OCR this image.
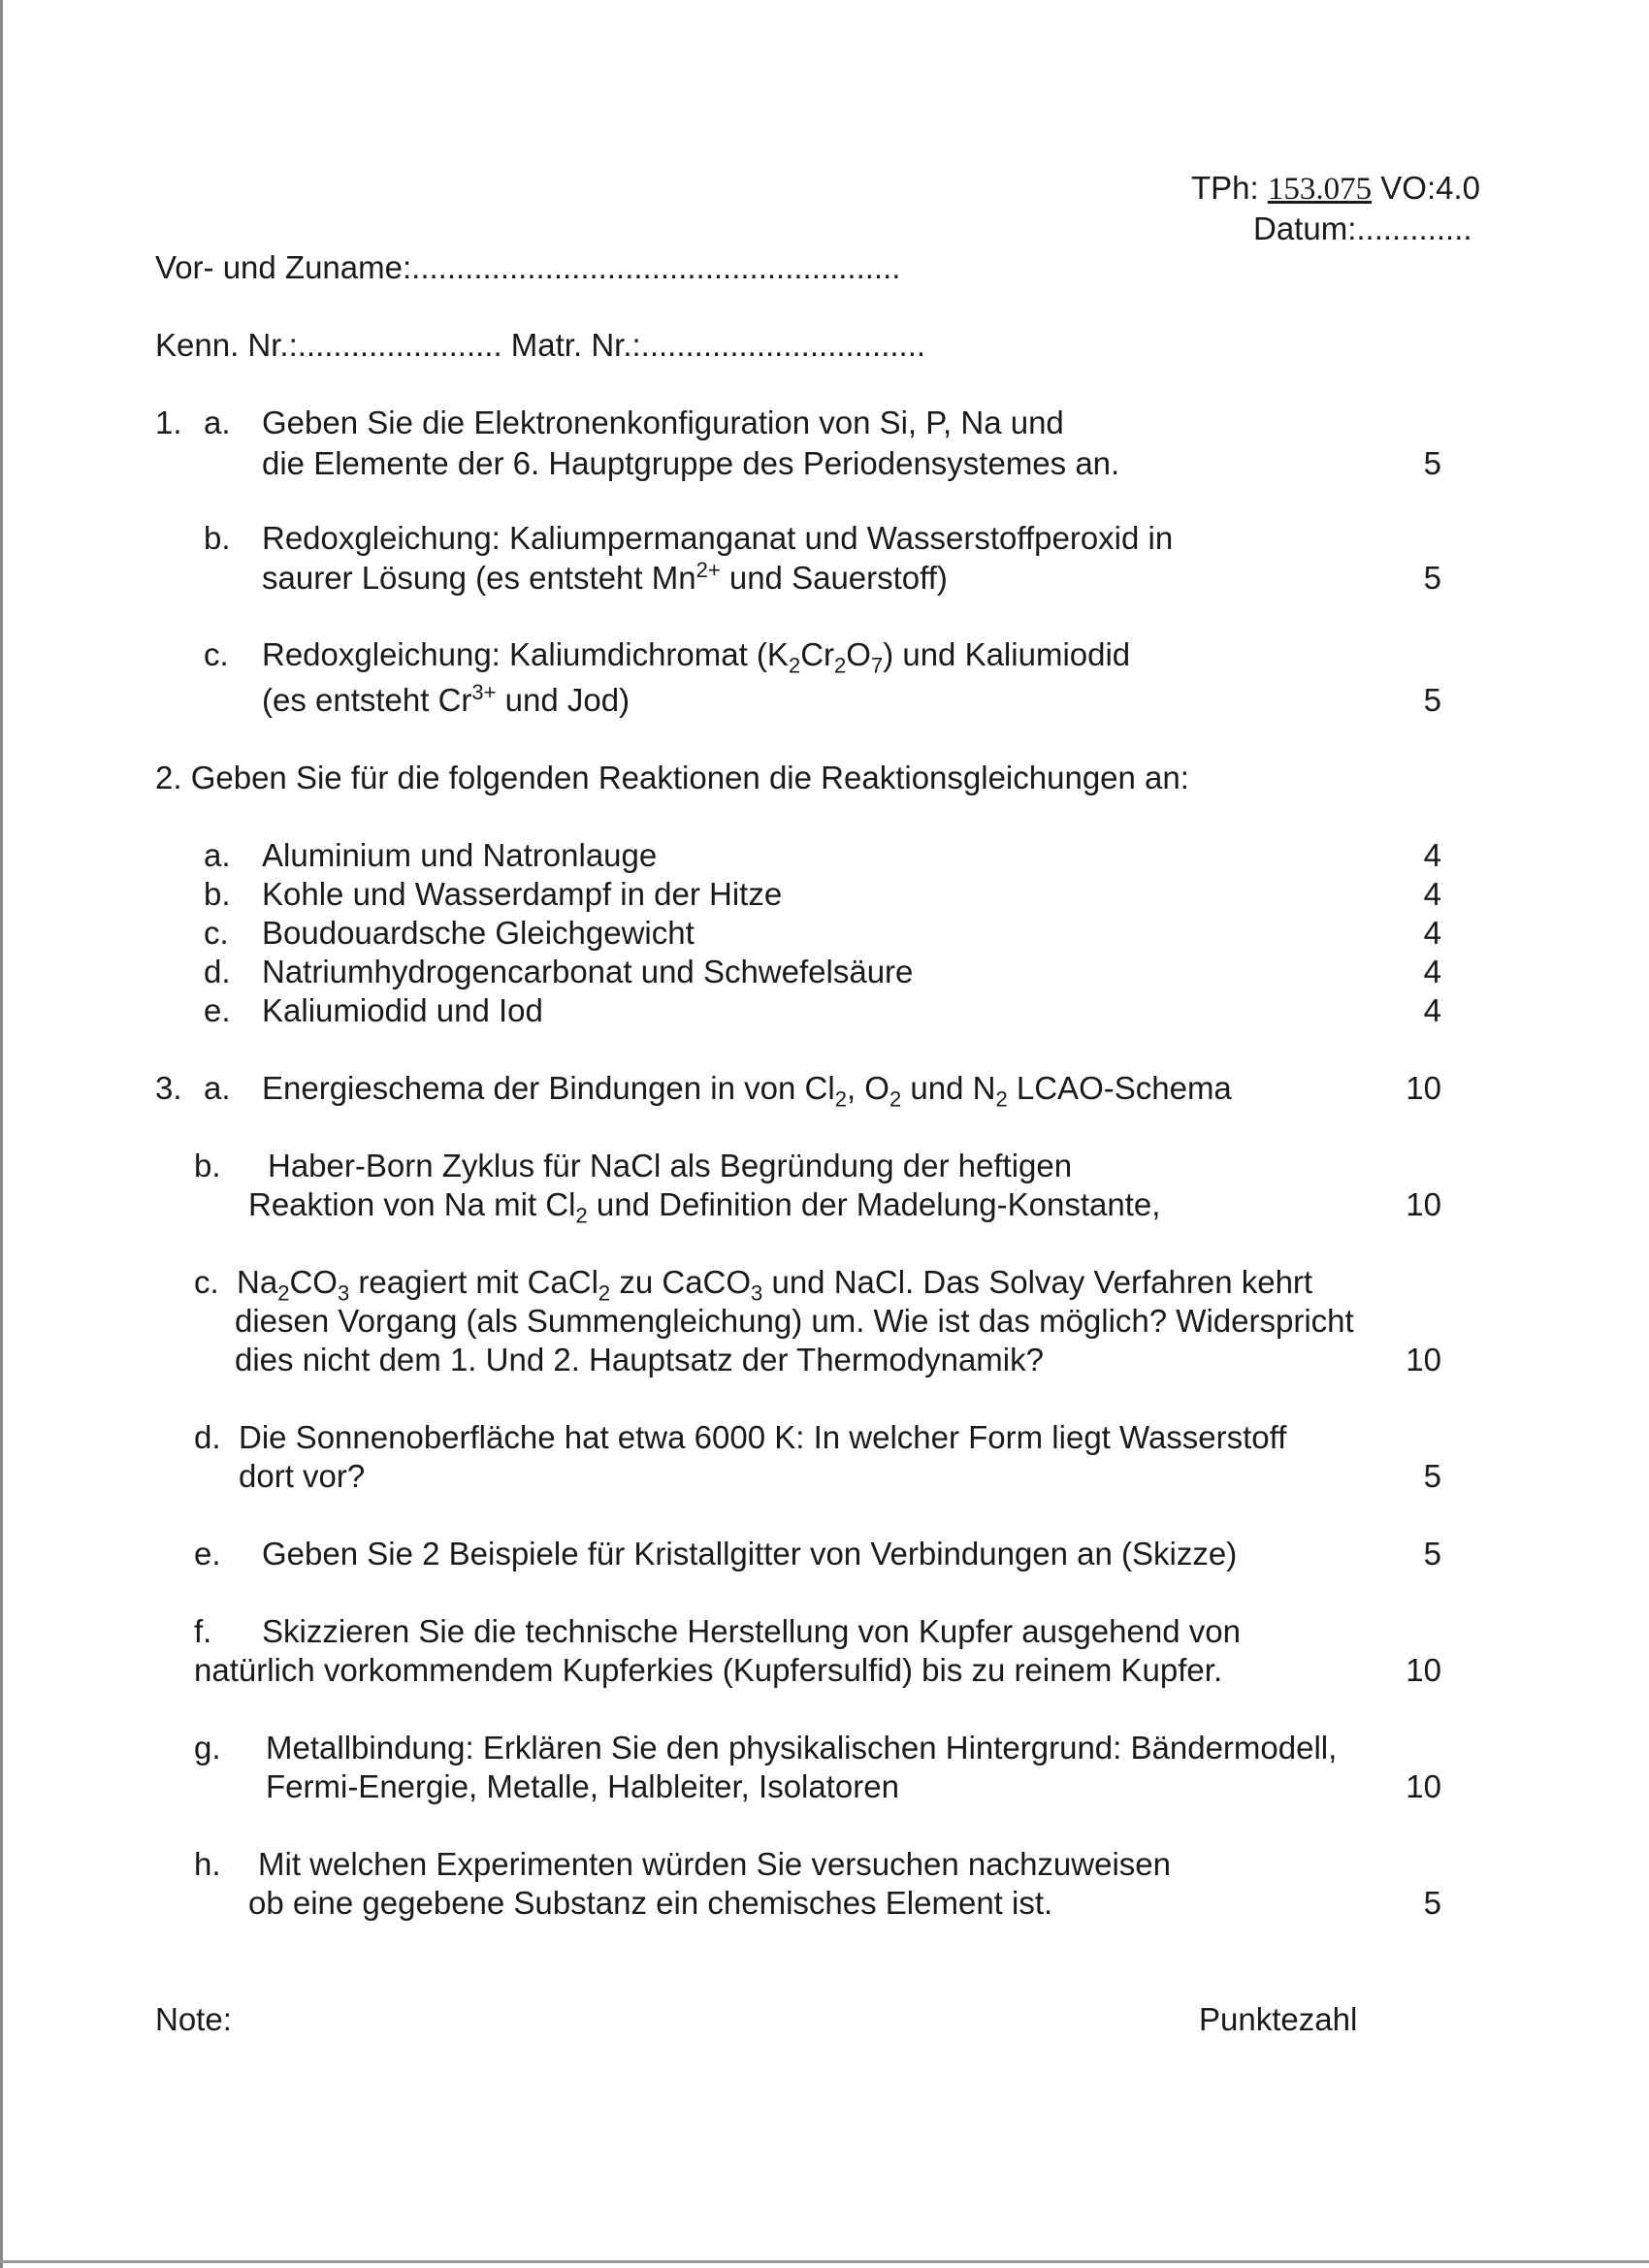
TPh: 153.075 VO:4.0
Datum:.............
Vor- und Zuname:.......................................................
Kenn. Nr.:....................... Matr. Nr.:................................
1. a. Geben Sie die Elektronenkonfiguration von Si, P, Na und
die Elemente der 6. Hauptgruppe des Periodensystemes an.	5
b. Redoxgleichung: Kaliumpermanganat und Wasserstoffperoxid in
saurer Lösung (es entsteht $Mn^{2+}$ und Sauerstoff)	5
c. Redoxgleichung: Kaliumdichromat $(K_2Cr_2O_7)$ und Kaliumiodid
(es entsteht $Cr^{3+}$ und Jod)	5
2. Geben Sie für die folgenden Reaktionen die Reaktionsgleichungen an:
a. Aluminium und Natronlauge	4
b. Kohle und Wasserdampf in der Hitze	4
c. Boudouardsche Gleichgewicht	4
d. Natriumhydrogencarbonat und Schwefelsäure	4
e. Kaliumiodid und Iod	4
3. a. Energieschema der Bindungen in von $Cl_2$, $O_2$ und $N_2$ LCAO-Schema	10
b. Haber-Born Zyklus für NaCl als Begründung der heftigen
Reaktion von Na mit $Cl_2$ und Definition der Madelung-Konstante,	10
c. $Na_2CO_3$ reagiert mit CaCl$_2$ zu CaCO$_3$ und NaCl. Das Solvay Verfahren kehrt
diesen Vorgang (als Summengleichung) um. Wie ist das möglich? Widerspricht
dies nicht dem 1. Und 2. Hauptsatz der Thermodynamik?	10
d. Die Sonnenoberfläche hat etwa 6000 K: In welcher Form liegt Wasserstoff
dort vor?	5
e. Geben Sie 2 Beispiele für Kristallgitter von Verbindungen an (Skizze)	5
f. Skizzieren Sie die technische Herstellung von Kupfer ausgehend von
natürlich vorkommendem Kupferkies (Kupfersulfid) bis zu reinem Kupfer.	10
g. Metallbindung: Erklären Sie den physikalischen Hintergrund: Bändermodell,
Fermi-Energie, Metalle, Halbleiter, Isolatoren	10
h. Mit welchen Experimenten würden Sie versuchen nachzuweisen
ob eine gegebene Substanz ein chemisches Element ist.	5
Note:	Punktezahl
